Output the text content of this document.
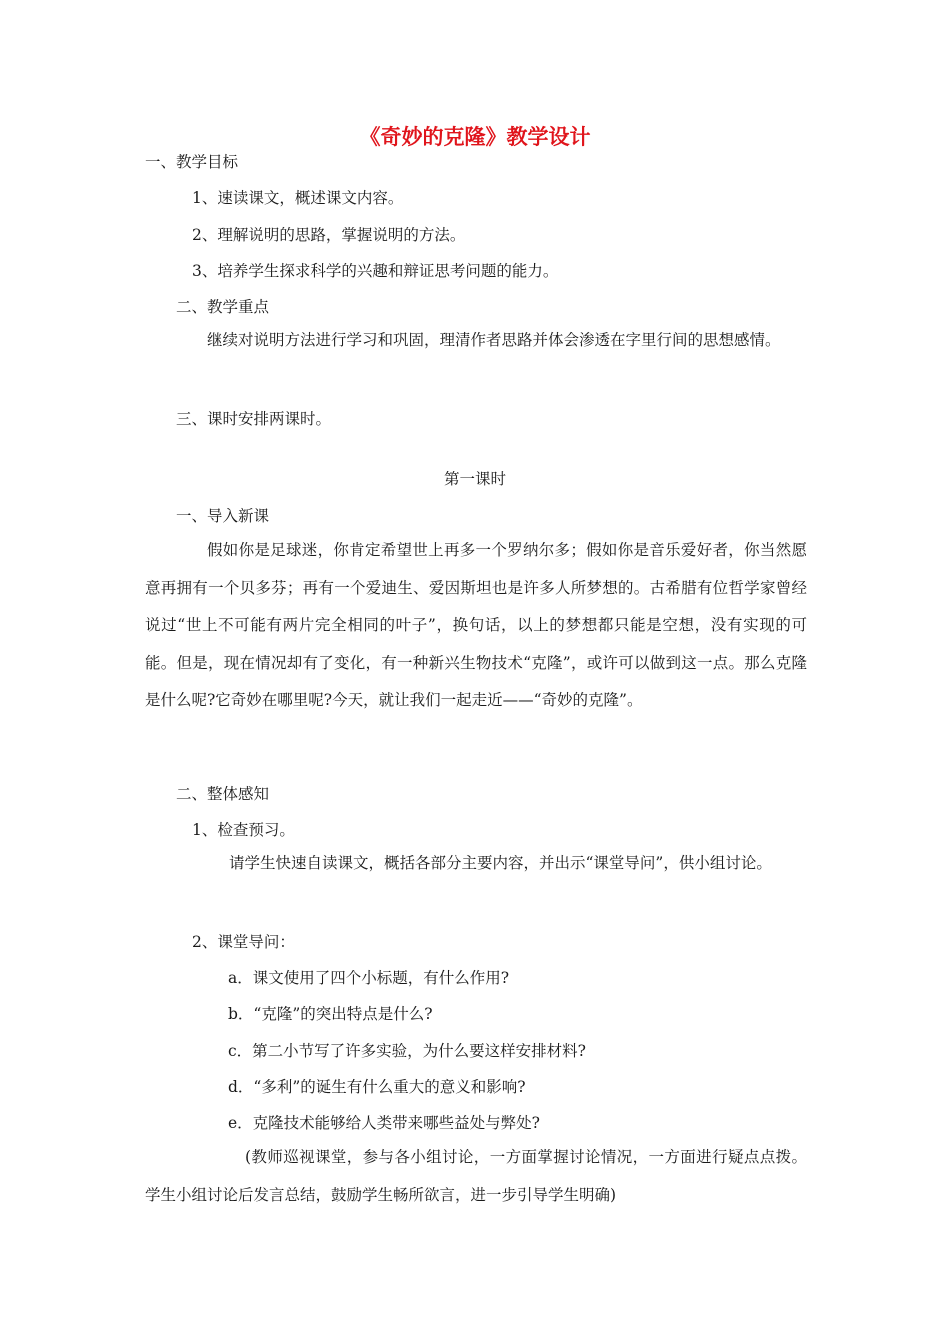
《奇妙的克隆》教学设计
一、教学目标
1、速读课文，概述课文内容。
2、理解说明的思路，掌握说明的方法。
3、培养学生探求科学的兴趣和辩证思考问题的能力。
二、教学重点
继续对说明方法进行学习和巩固，理清作者思路并体会渗透在字里行间的思想感情。
三、课时安排两课时。
第一课时
一、导入新课
假如你是足球迷，你肯定希望世上再多一个罗纳尔多；假如你是音乐爱好者，你当然愿意再拥有一个贝多芬；再有一个爱迪生、爱因斯坦也是许多人所梦想的。古希腊有位哲学家曾经说过“世上不可能有两片完全相同的叶子”，换句话，以上的梦想都只能是空想，没有实现的可能。但是，现在情况却有了变化，有一种新兴生物技术“克隆”，或许可以做到这一点。那么克隆是什么呢?它奇妙在哪里呢?今天，就让我们一起走近——“奇妙的克隆”。
二、整体感知
1、检查预习。
请学生快速自读课文，概括各部分主要内容，并出示“课堂导问”，供小组讨论。
2、课堂导问：
a．课文使用了四个小标题，有什么作用?
b．“克隆”的突出特点是什么?
c．第二小节写了许多实验，为什么要这样安排材料?
d．“多利”的诞生有什么重大的意义和影响?
e．克隆技术能够给人类带来哪些益处与弊处?
(教师巡视课堂，参与各小组讨论，一方面掌握讨论情况，一方面进行疑点点拨。学生小组讨论后发言总结，鼓励学生畅所欲言，进一步引导学生明确)
